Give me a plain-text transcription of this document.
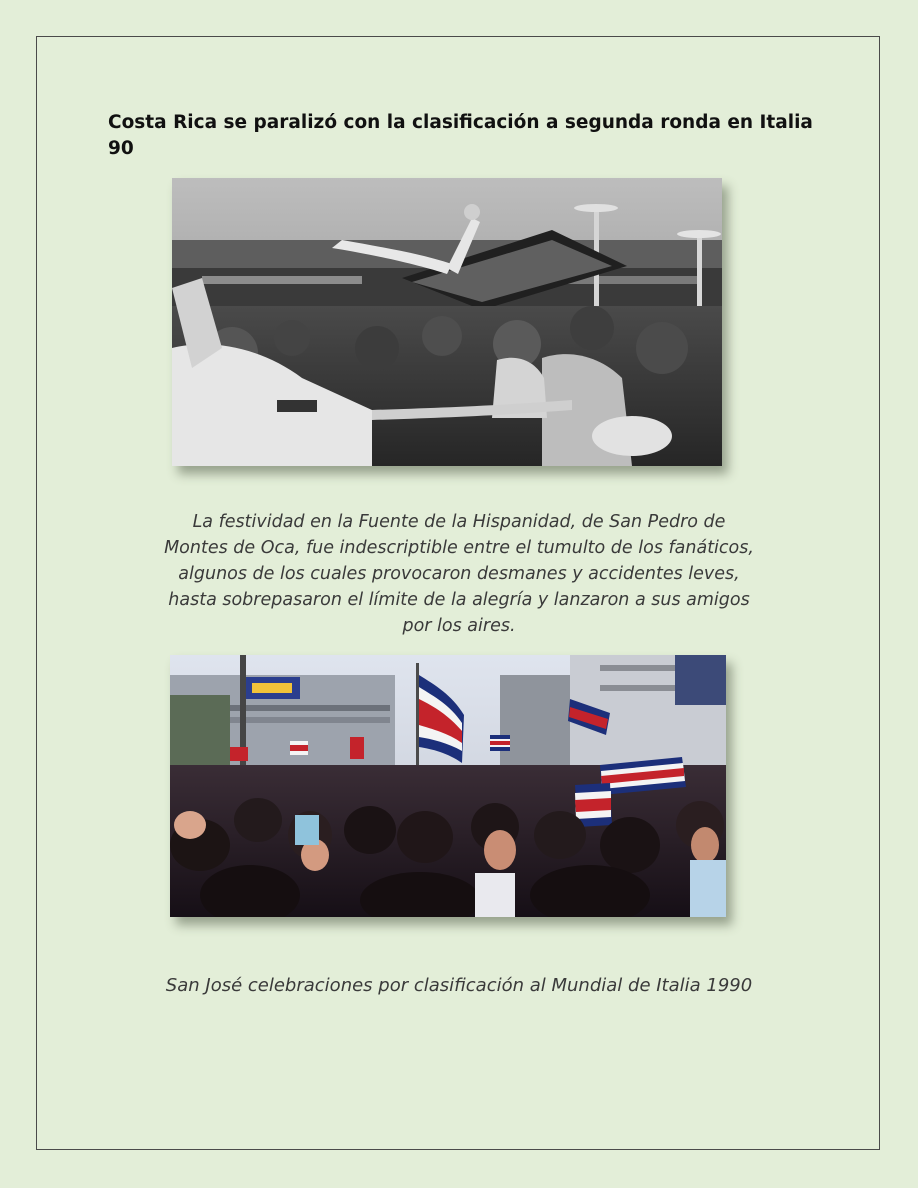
Costa Rica se paralizó con la clasificación a segunda ronda en Italia 90

La festividad en la Fuente de la Hispanidad, de San Pedro de
Montes de Oca, fue indescriptible entre el tumulto de los fanáticos,
algunos de los cuales provocaron desmanes y accidentes leves,
hasta sobrepasaron el límite de la alegría y lanzaron a sus amigos
por los aires.

San José celebraciones por clasificación al Mundial de Italia 1990
